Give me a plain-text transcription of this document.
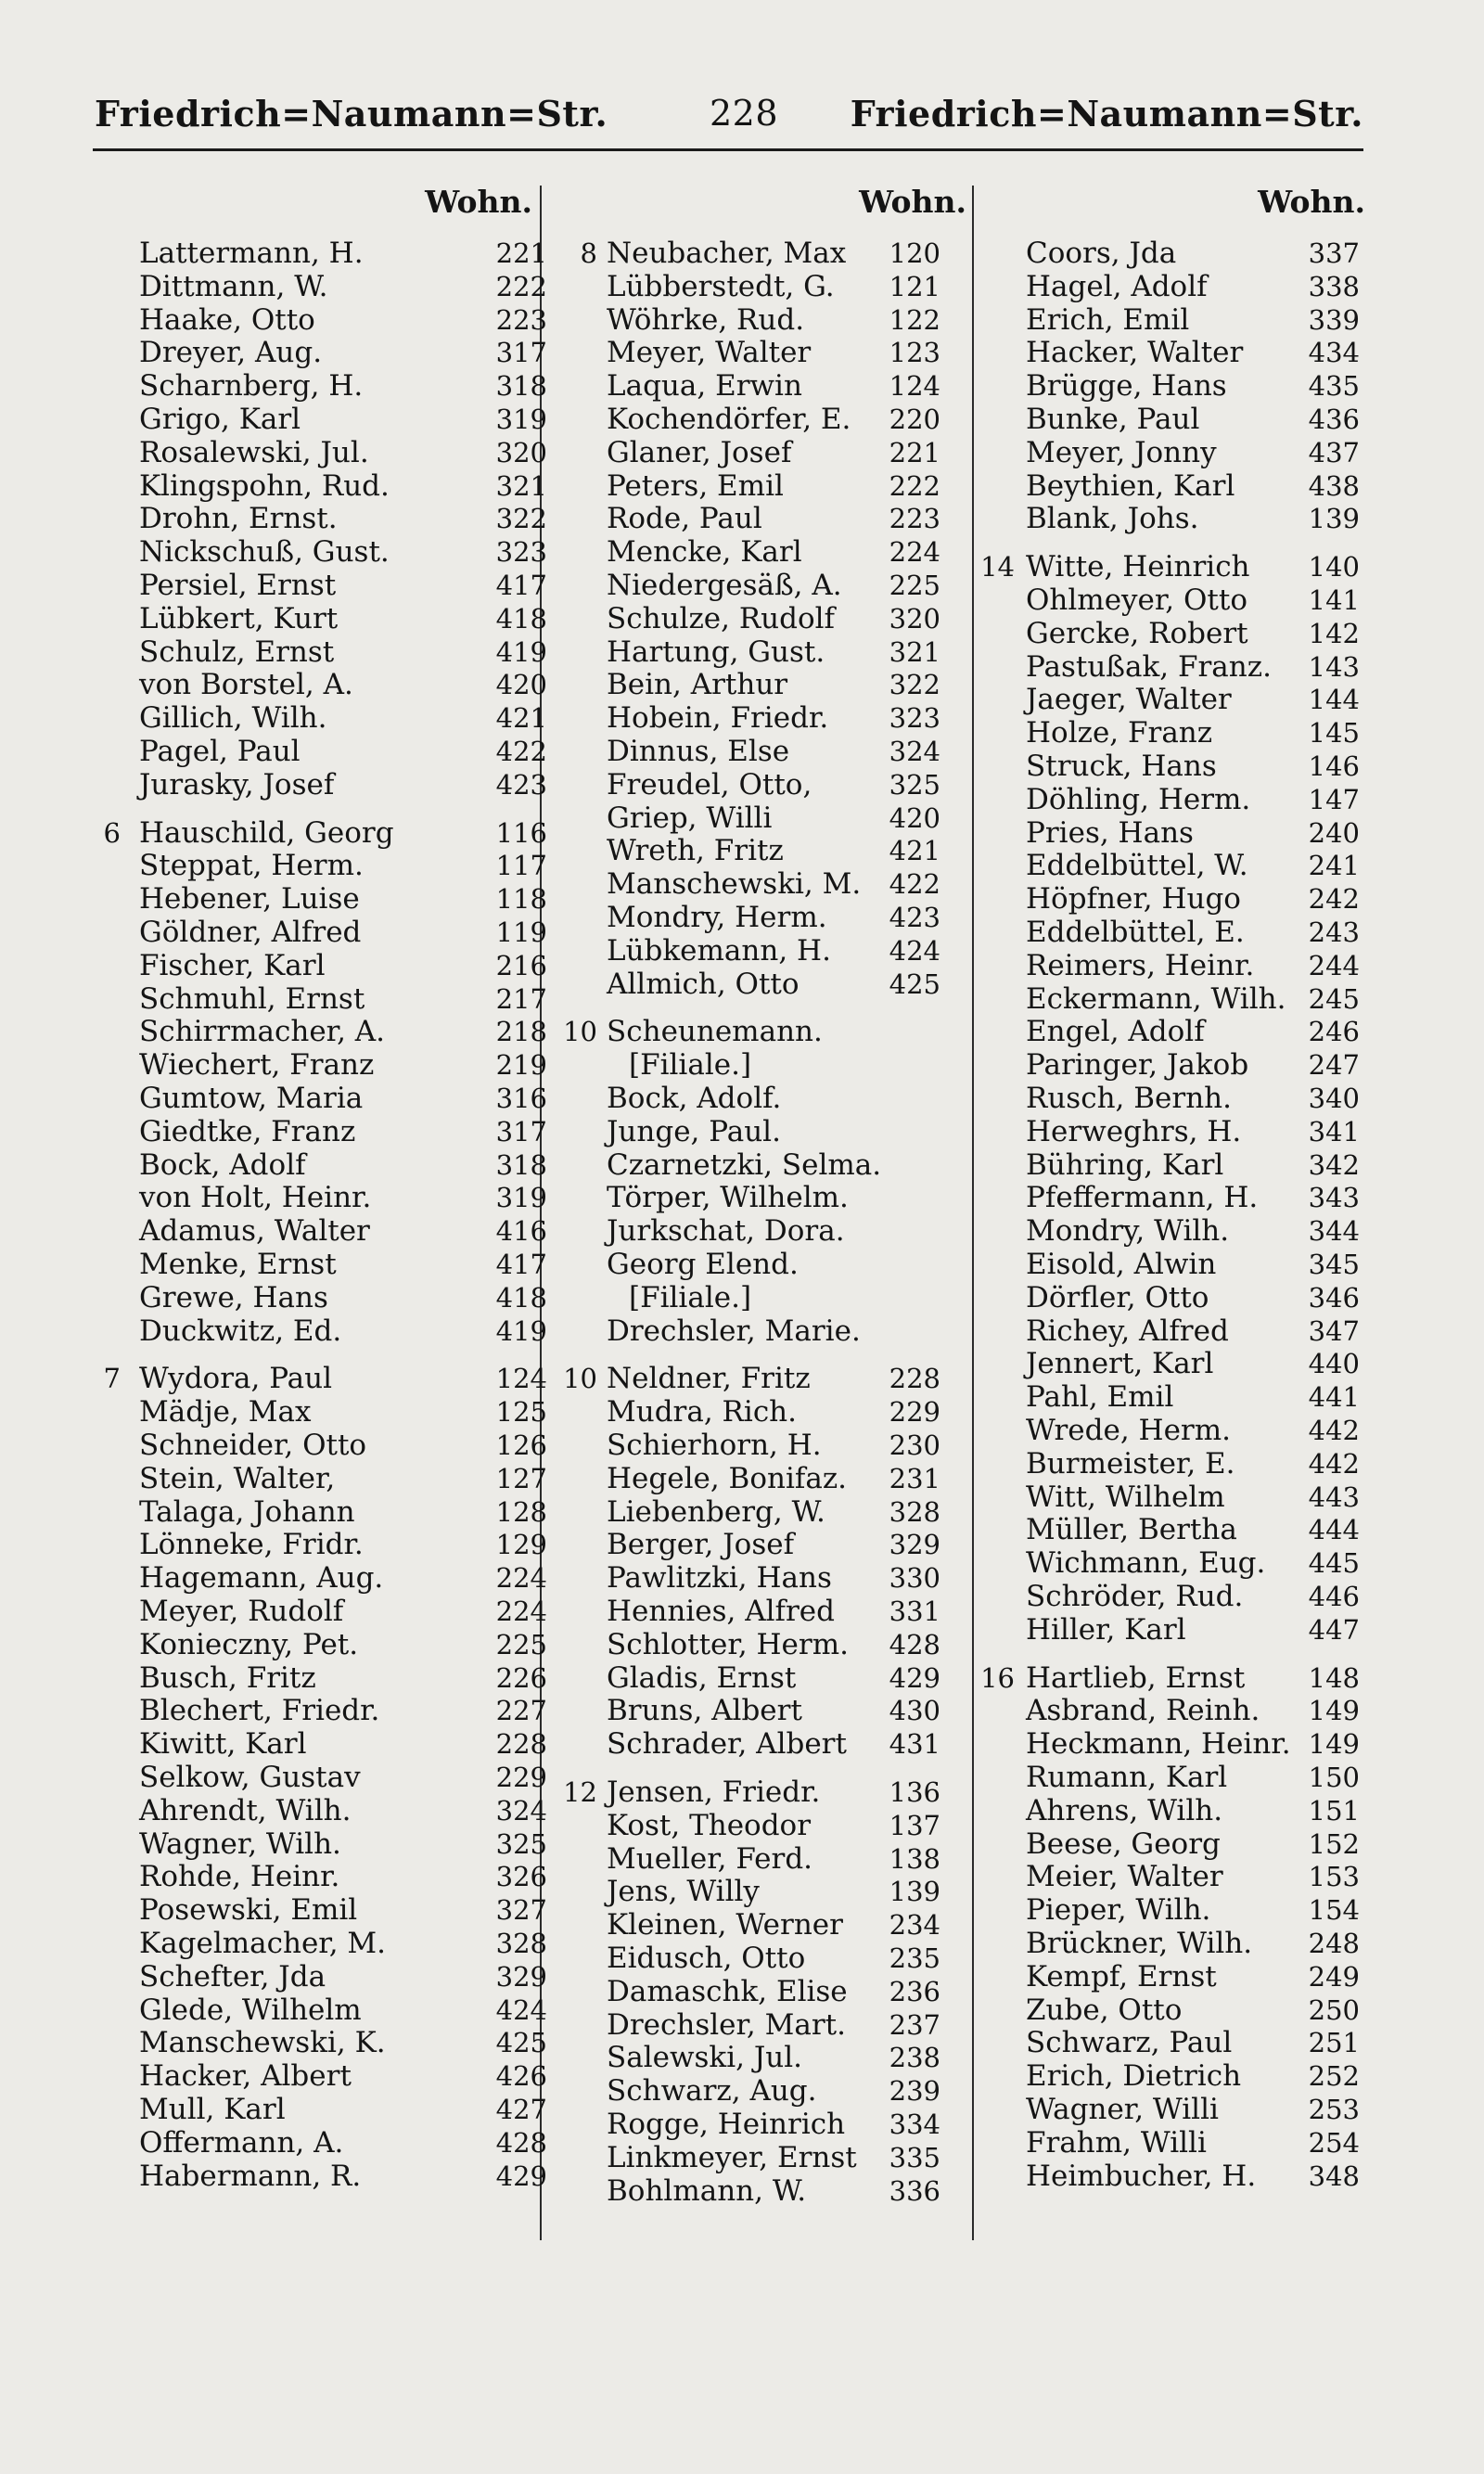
Friedrich=Naumann=Str.	228 Friedrich=Naumann=Str.
Wohn.
Lattermann, H.	221
Dittmann, W.	222
Haake, Otto	223
Dreyer, Aug.	317
Scharnberg, H.	318
Grigo, Karl	319
Rosalewski, Jul.	320
Klingspohn, Rud.	321
Drohn, Ernst.	322
Nickschuß, Gust.	323
Persiel, Ernst	417
Lübkert, Kurt	418
Schulz, Ernst	419
von Borstel, A.	420
Gillich, Wilh.	421
Pagel, Paul	422
Jurasky, Josef	423
6 Hauschild, Georg	116
Steppat, Herm.	117
Hebener, Luise	118
Göldner, Alfred	119
Fischer, Karl	216
Schmuhl, Ernst	217
Schirrmacher, A.	218
Wiechert, Franz	219
Gumtow, Maria	316
Giedtke, Franz	317
Bock, Adolf	318
von Holt, Heinr.	319
Adamus, Walter	416
Menke, Ernst	417
Grewe, Hans	418
Duckwitz, Ed.	419
7 Wydora, Paul	124
Mädje, Max	125
Schneider, Otto	126
Stein, Walter,	127
Talaga, Johann	128
Lönneke, Fridr.	129
Hagemann, Aug.	224
Meyer, Rudolf	224
Konieczny, Pet.	225
Busch, Fritz	226
Blechert, Friedr.	227
Kiwitt, Karl	228
Selkow, Gustav	229
Ahrendt, Wilh.	324
Wagner, Wilh.	325
Rohde, Heinr.	326
Posewski, Emil	327
Kagelmacher, M.	328
Schefter, Jda	329
Glede, Wilhelm	424
Manschewski, K.	425
Hacker, Albert	426
Mull, Karl	427
Offermann, A.	428
Habermann, R.	429
Wohn.
8 Neubacher, Max 120
Lübberstedt, G. 121
Wöhrke, Rud.	122
Meyer, Walter	123
Laqua, Erwin	124
Kochendörfer, E. 220
Glaner, Josef	221
Peters, Emil	222
Rode, Paul	223
Mencke, Karl	224
Niedergesäß, A. 225
Schulze, Rudolf 320
Hartung, Gust. 321
Bein, Arthur	322
Hobein, Friedr. 323
Dinnus, Else	324
Freudel, Otto,	325
Griep, Willi	420
Wreth, Fritz	421
Manschewski, M. 422
Mondry, Herm. 423
Lübkemann, H. 424
Allmich, Otto	425
10 Scheunemann.
[Filiale.]
Bock, Adolf.
Junge, Paul.
Czarnetzki, Selma.
Törper, Wilhelm.
Jurkschat, Dora.
Georg Elend.
[Filiale.]
Drechsler, Marie.
10 Neldner, Fritz	228
Mudra, Rich.	229
Schierhorn, H.	230
Hegele, Bonifaz. 231
Liebenberg, W. 328
Berger, Josef	329
Pawlitzki, Hans 330
Hennies, Alfred 331
Schlotter, Herm. 428
Gladis, Ernst	429
Bruns, Albert	430
Schrader, Albert 431
12 Jensen, Friedr.	136
Kost, Theodor	137
Mueller, Ferd.	138
Jens, Willy	139
Kleinen, Werner 234
Eidusch, Otto	235
Damaschk, Elise 236
Drechsler, Mart. 237
Salewski, Jul.	238
Schwarz, Aug.	239
Rogge, Heinrich 334
Linkmeyer, Ernst 335
Bohlmann, W.	336
Wohn.
Coors, Jda	337
Hagel, Adolf	338
Erich, Emil	339
Hacker, Walter 434
Brügge, Hans	435
Bunke, Paul	436
Meyer, Jonny	437
Beythien, Karl	438
Blank, Johs.	139
14 Witte, Heinrich 140
Ohlmeyer, Otto 141
Gercke, Robert 142
Pastußak, Franz. 143
Jaeger, Walter	144
Holze, Franz	145
Struck, Hans	146
Döhling, Herm. 147
Pries, Hans	240
Eddelbüttel, W. 241
Höpfner, Hugo	242
Eddelbüttel, E. 243
Reimers, Heinr. 244
Eckermann, Wilh. 245
Engel, Adolf	246
Paringer, Jakob 247
Rusch, Bernh.	340
Herweghrs, H. 341
Bühring, Karl	342
Pfeffermann, H. 343
Mondry, Wilh.	344
Eisold, Alwin	345
Dörfler, Otto	346
Richey, Alfred	347
Jennert, Karl	440
Pahl, Emil	441
Wrede, Herm.	442
Burmeister, E.	442
Witt, Wilhelm	443
Müller, Bertha	444
Wichmann, Eug. 445
Schröder, Rud. 446
Hiller, Karl	447
16 Hartlieb, Ernst 148
Asbrand, Reinh. 149
Heckmann, Heinr. 149
Rumann, Karl	150
Ahrens, Wilh.	151
Beese, Georg	152
Meier, Walter	153
Pieper, Wilh.	154
Brückner, Wilh. 248
Kempf, Ernst	249
Zube, Otto	250
Schwarz, Paul	251
Erich, Dietrich	252
Wagner, Willi	253
Frahm, Willi	254
Heimbucher, H. 348
